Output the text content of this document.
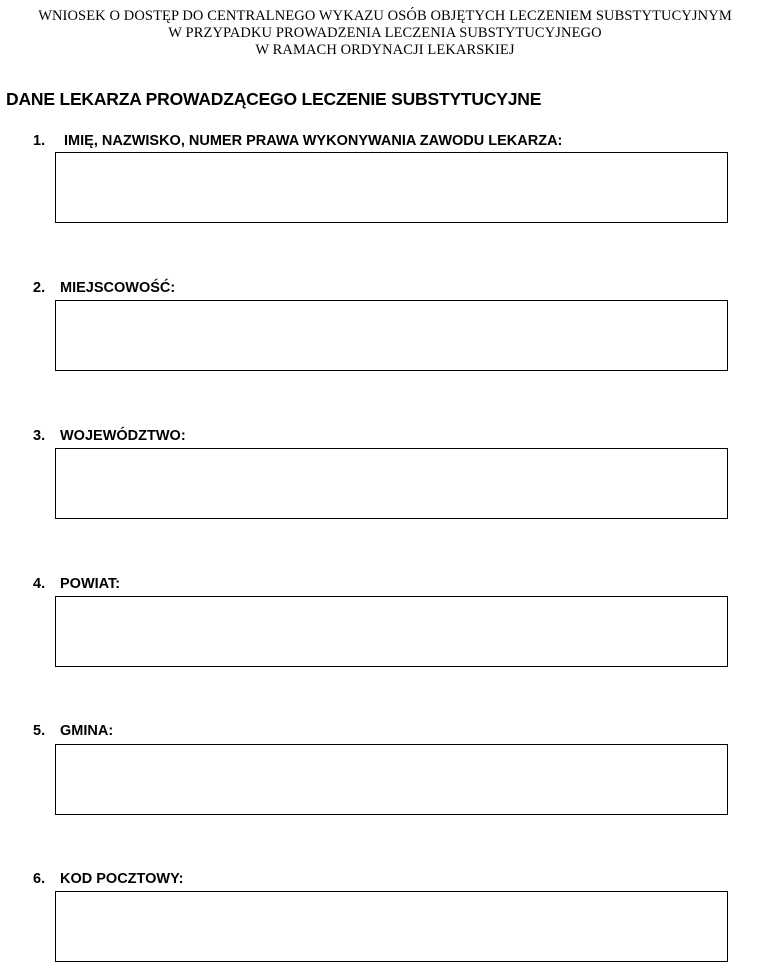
WNIOSEK O DOSTĘP DO CENTRALNEGO WYKAZU OSÓB OBJĘTYCH LECZENIEM SUBSTYTUCYJNYM
W PRZYPADKU PROWADZENIA LECZENIA SUBSTYTUCYJNEGO
W RAMACH ORDYNACJI LEKARSKIEJ
DANE LEKARZA PROWADZĄCEGO LECZENIE SUBSTYTUCYJNE
1. IMIĘ, NAZWISKO, NUMER PRAWA WYKONYWANIA ZAWODU LEKARZA:
2. MIEJSCOWOŚĆ:
3. WOJEWÓDZTWO:
4. POWIAT:
5. GMINA:
6. KOD POCZTOWY:
